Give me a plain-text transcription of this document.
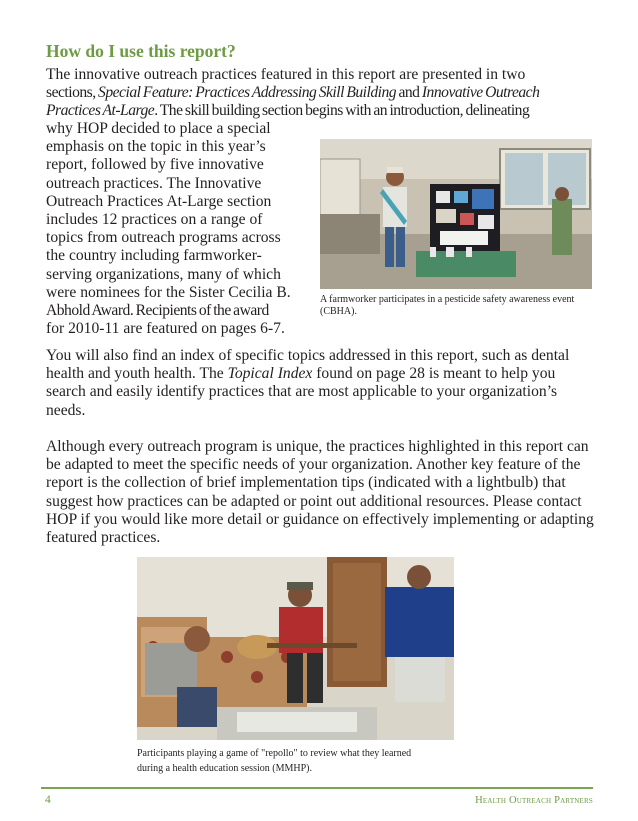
How do I use this report?
The innovative outreach practices featured in this report are presented in two
sections, Special Feature: Practices Addressing Skill Building and Innovative Outreach
Practices At-Large. The skill building section begins with an introduction, delineating
why HOP decided to place a special
emphasis on the topic in this year’s
report, followed by five innovative
outreach practices. The Innovative
Outreach Practices At-Large section
includes 12 practices on a range of
topics from outreach programs across
the country including farmworker-
serving organizations, many of which
were nominees for the Sister Cecilia B.
Abhold Award. Recipients of the award
for 2010-11 are featured on pages 6-7.
A farmworker participates in a pesticide safety awareness event (CBHA).
You will also find an index of specific topics addressed in this report, such as dental health and youth health. The Topical Index found on page 28 is meant to help you search and easily identify practices that are most applicable to your organization’s needs.
Although every outreach program is unique, the practices highlighted in this report can be adapted to meet the specific needs of your organization. Another key feature of the report is the collection of brief implementation tips (indicated with a lightbulb) that suggest how practices can be adapted or point out additional resources. Please contact HOP if you would like more detail or guidance on effectively implementing or adapting featured practices.
Participants playing a game of "repollo" to review what they learned
during a health education session (MMHP).
4	Health Outreach Partners
